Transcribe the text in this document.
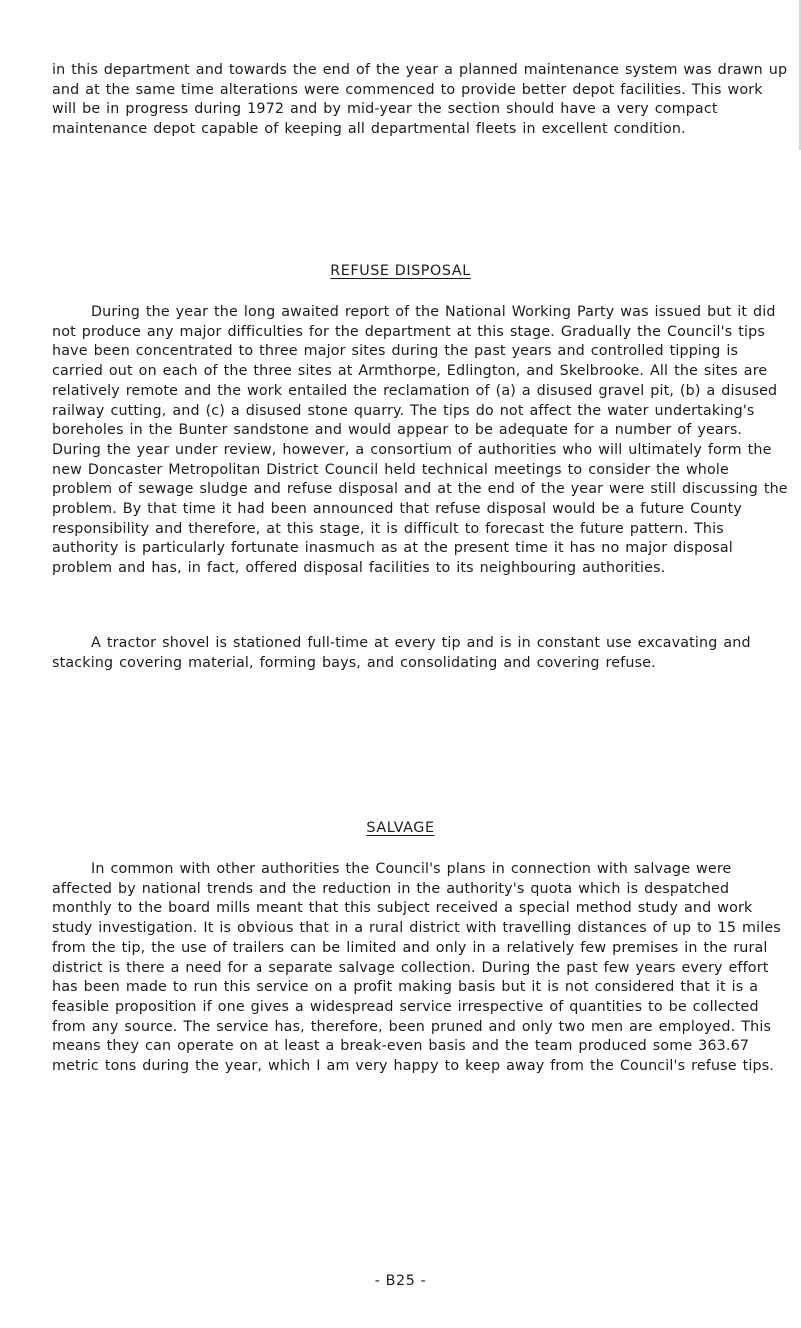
in this department and towards the end of the year a planned maintenance system was drawn up and at the same time alterations were commenced to provide better depot facilities. This work will be in progress during 1972 and by mid-year the section should have a very compact maintenance depot capable of keeping all departmental fleets in excellent condition.

REFUSE DISPOSAL

During the year the long awaited report of the National Working Party was issued but it did not produce any major difficulties for the department at this stage. Gradually the Council's tips have been concentrated to three major sites during the past years and controlled tipping is carried out on each of the three sites at Armthorpe, Edlington, and Skelbrooke. All the sites are relatively remote and the work entailed the reclamation of (a) a disused gravel pit, (b) a disused railway cutting, and (c) a disused stone quarry. The tips do not affect the water undertaking's boreholes in the Bunter sandstone and would appear to be adequate for a number of years. During the year under review, however, a consortium of authorities who will ultimately form the new Doncaster Metropolitan District Council held technical meetings to consider the whole problem of sewage sludge and refuse disposal and at the end of the year were still discussing the problem. By that time it had been announced that refuse disposal would be a future County responsibility and therefore, at this stage, it is difficult to forecast the future pattern. This authority is particularly fortunate inasmuch as at the present time it has no major disposal problem and has, in fact, offered disposal facilities to its neighbouring authorities.

A tractor shovel is stationed full-time at every tip and is in constant use excavating and stacking covering material, forming bays, and consolidating and covering refuse.

SALVAGE

In common with other authorities the Council's plans in connection with salvage were affected by national trends and the reduction in the authority's quota which is despatched monthly to the board mills meant that this subject received a special method study and work study investigation. It is obvious that in a rural district with travelling distances of up to 15 miles from the tip, the use of trailers can be limited and only in a relatively few premises in the rural district is there a need for a separate salvage collection. During the past few years every effort has been made to run this service on a profit making basis but it is not considered that it is a feasible proposition if one gives a widespread service irrespective of quantities to be collected from any source. The service has, therefore, been pruned and only two men are employed. This means they can operate on at least a break-even basis and the team produced some 363.67 metric tons during the year, which I am very happy to keep away from the Council's refuse tips.

- B25 -
